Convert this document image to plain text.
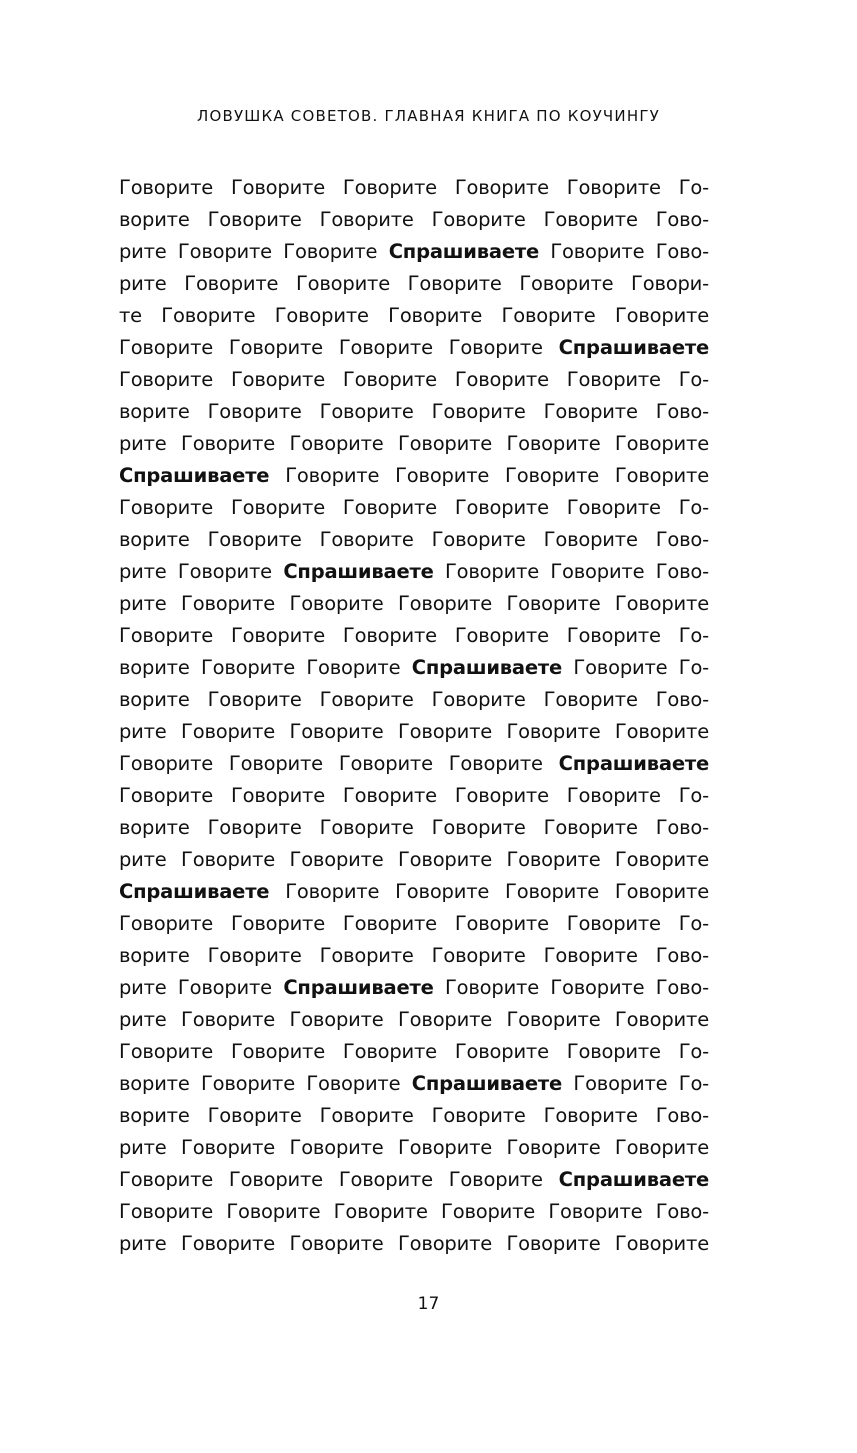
ЛОВУШКА СОВЕТОВ. ГЛАВНАЯ КНИГА ПО КОУЧИНГУ
Говорите Говорите Говорите Говорите Говорите Го-
ворите Говорите Говорите Говорите Говорите Гово-
рите Говорите Говорите Спрашиваете Говорите Гово-
рите Говорите Говорите Говорите Говорите Говори-
те Говорите Говорите Говорите Говорите Говорите
Говорите Говорите Говорите Говорите Спрашиваете
Говорите Говорите Говорите Говорите Говорите Го-
ворите Говорите Говорите Говорите Говорите Гово-
рите Говорите Говорите Говорите Говорите Говорите
Спрашиваете Говорите Говорите Говорите Говорите
Говорите Говорите Говорите Говорите Говорите Го-
ворите Говорите Говорите Говорите Говорите Гово-
рите Говорите Спрашиваете Говорите Говорите Гово-
рите Говорите Говорите Говорите Говорите Говорите
Говорите Говорите Говорите Говорите Говорите Го-
ворите Говорите Говорите Спрашиваете Говорите Го-
ворите Говорите Говорите Говорите Говорите Гово-
рите Говорите Говорите Говорите Говорите Говорите
Говорите Говорите Говорите Говорите Спрашиваете
Говорите Говорите Говорите Говорите Говорите Го-
ворите Говорите Говорите Говорите Говорите Гово-
рите Говорите Говорите Говорите Говорите Говорите
Спрашиваете Говорите Говорите Говорите Говорите
Говорите Говорите Говорите Говорите Говорите Го-
ворите Говорите Говорите Говорите Говорите Гово-
рите Говорите Спрашиваете Говорите Говорите Гово-
рите Говорите Говорите Говорите Говорите Говорите
Говорите Говорите Говорите Говорите Говорите Го-
ворите Говорите Говорите Спрашиваете Говорите Го-
ворите Говорите Говорите Говорите Говорите Гово-
рите Говорите Говорите Говорите Говорите Говорите
Говорите Говорите Говорите Говорите Спрашиваете
Говорите Говорите Говорите Говорите Говорите Гово-
рите Говорите Говорите Говорите Говорите Говорите
17
